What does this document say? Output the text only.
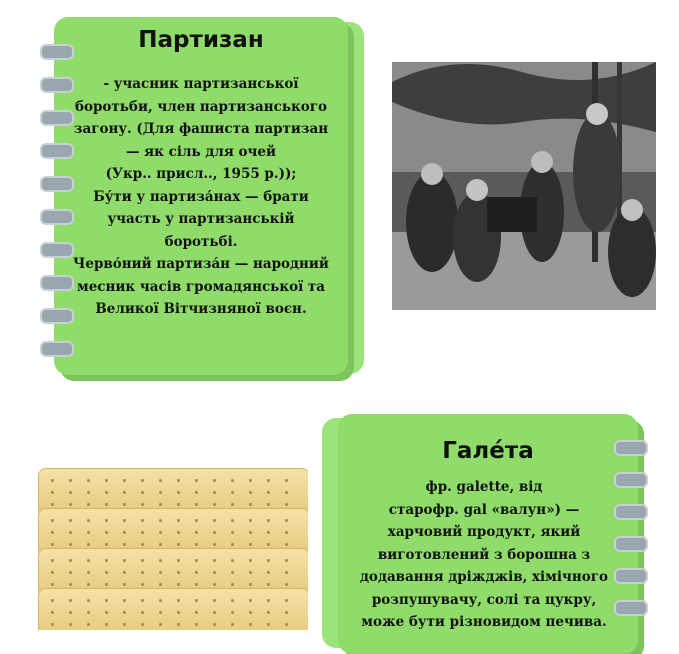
Партизан
- учасник партизанської
боротьби, член партизанського
загону. (Для фашиста партизан
— як сіль для очей
(Укр.. присл.., 1955 р.));
Бу́ти у партиза́нах — брати
участь у партизанській
боротьбі.
Черво́ний партиза́н — народний
месник часів громадянської та
Великої Вітчизняної воєн.
Гале́та
фр. galette, від
старофр. gal «валун») —
харчовий продукт, який
виготовлений з борошна з
додавання дріжджів, хімічного
розпушувачу, солі та цукру,
може бути різновидом печива.
